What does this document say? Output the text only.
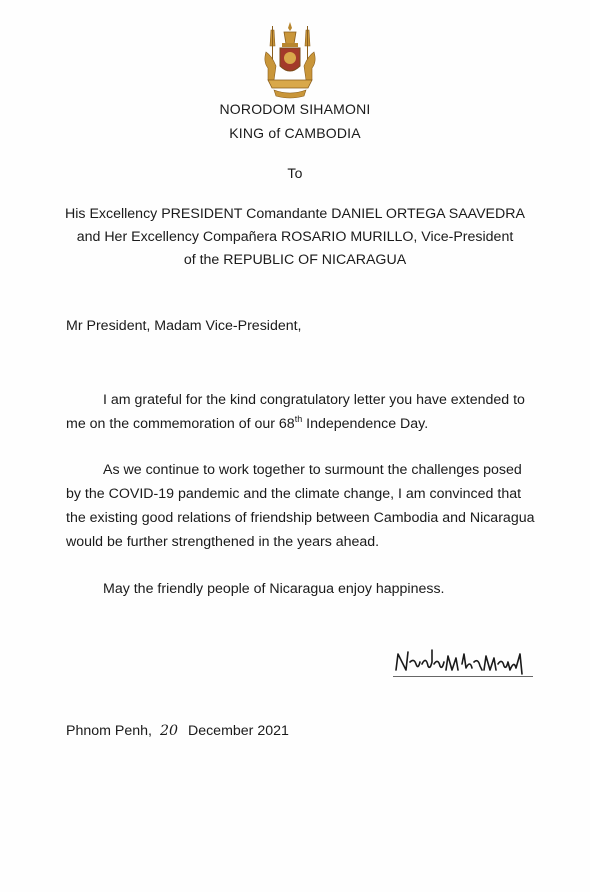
NORODOM SIHAMONI
KING of CAMBODIA
To
His Excellency PRESIDENT Comandante DANIEL ORTEGA SAAVEDRA
and Her Excellency Compañera ROSARIO MURILLO, Vice-President
of the REPUBLIC OF NICARAGUA
Mr President, Madam Vice-President,
I am grateful for the kind congratulatory letter you have extended to
me on the commemoration of our 68th Independence Day.
As we continue to work together to surmount the challenges posed
by the COVID-19 pandemic and the climate change, I am convinced that
the existing good relations of friendship between Cambodia and Nicaragua
would be further strengthened in the years ahead.
May the friendly people of Nicaragua enjoy happiness.
Phnom Penh, 20 December 2021
